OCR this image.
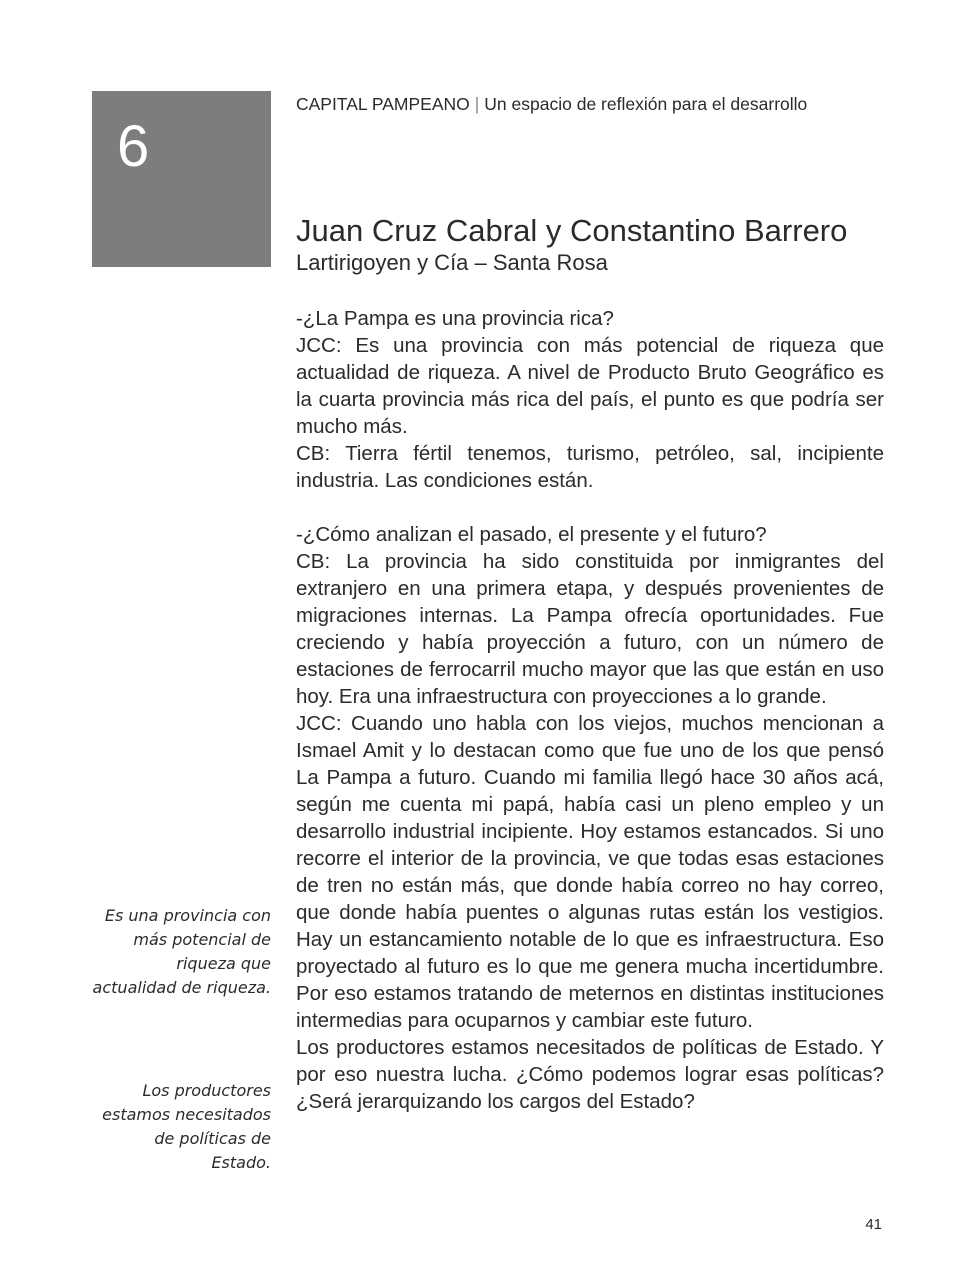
6
CAPITAL PAMPEANO | Un espacio de reflexión para el desarrollo
Juan Cruz Cabral y Constantino Barrero
Lartirigoyen y Cía – Santa Rosa

-¿La Pampa es una provincia rica?

JCC: Es una provincia con más potencial de riqueza que actualidad de riqueza. A nivel de Producto Bruto Geográfico es la cuarta provincia más rica del país, el punto es que podría ser mucho más.

CB: Tierra fértil tenemos, turismo, petróleo, sal, incipiente industria. Las condiciones están.

-¿Cómo analizan el pasado, el presente y el futuro?

CB: La provincia ha sido constituida por inmigrantes del extranjero en una primera etapa, y después provenientes de migraciones internas. La Pampa ofrecía oportunidades. Fue creciendo y había proyección a futuro, con un número de estaciones de ferrocarril mucho mayor que las que están en uso hoy. Era una infraestructura con proyecciones a lo grande.

JCC: Cuando uno habla con los viejos, muchos mencionan a Ismael Amit y lo destacan como que fue uno de los que pensó La Pampa a futuro. Cuando mi familia llegó hace 30 años acá, según me cuenta mi papá, había casi un pleno empleo y un desarrollo industrial incipiente. Hoy estamos estancados. Si uno recorre el interior de la provincia, ve que todas esas estaciones de tren no están más, que donde había correo no hay correo, que donde había puentes o algunas rutas están los vestigios. Hay un estancamiento notable de lo que es infraestructura. Eso proyectado al futuro es lo que me genera mucha incertidumbre. Por eso estamos tratando de meternos en distintas instituciones intermedias para ocuparnos y cambiar este futuro.

Los productores estamos necesitados de políticas de Estado. Y por eso nuestra lucha. ¿Cómo podemos lograr esas políticas? ¿Será jerarquizando los cargos del Estado?

Es una provincia con más potencial de riqueza que actualidad de riqueza.
Los productores estamos necesitados de políticas de Estado.
41
